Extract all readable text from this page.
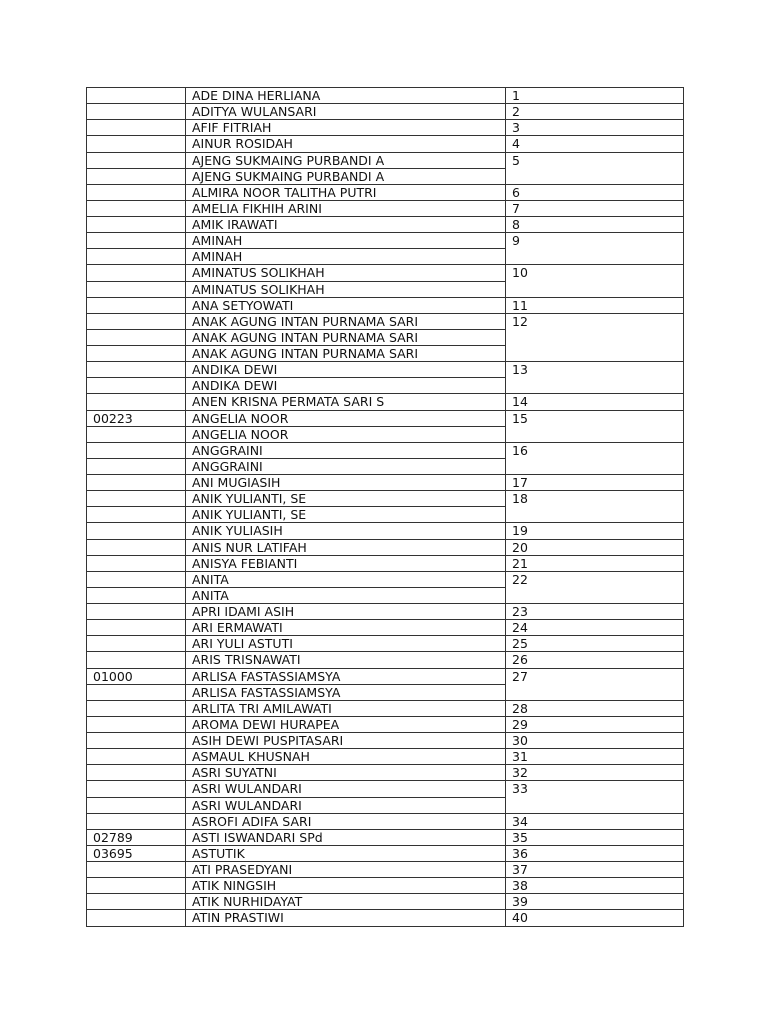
	ADE DINA HERLIANA	1
	ADITYA WULANSARI	2
	AFIF FITRIAH	3
	AINUR ROSIDAH	4
	AJENG SUKMAING PURBANDI A	5
	AJENG SUKMAING PURBANDI A	
	ALMIRA NOOR TALITHA PUTRI	6
	AMELIA FIKHIH ARINI	7
	AMIK IRAWATI	8
	AMINAH	9
	AMINAH	
	AMINATUS SOLIKHAH	10
	AMINATUS SOLIKHAH	
	ANA SETYOWATI	11
	ANAK AGUNG INTAN PURNAMA SARI	12
	ANAK AGUNG INTAN PURNAMA SARI	
	ANAK AGUNG INTAN PURNAMA SARI	
	ANDIKA DEWI	13
	ANDIKA DEWI	
	ANEN KRISNA PERMATA SARI S	14
00223	ANGELIA NOOR	15
	ANGELIA NOOR	
	ANGGRAINI	16
	ANGGRAINI	
	ANI MUGIASIH	17
	ANIK YULIANTI, SE	18
	ANIK YULIANTI, SE	
	ANIK YULIASIH	19
	ANIS NUR LATIFAH	20
	ANISYA FEBIANTI	21
	ANITA	22
	ANITA	
	APRI IDAMI ASIH	23
	ARI ERMAWATI	24
	ARI YULI ASTUTI	25
	ARIS TRISNAWATI	26
01000	ARLISA FASTASSIAMSYA	27
	ARLISA FASTASSIAMSYA	
	ARLITA TRI AMILAWATI	28
	AROMA DEWI HURAPEA	29
	ASIH DEWI PUSPITASARI	30
	ASMAUL KHUSNAH	31
	ASRI SUYATNI	32
	ASRI WULANDARI	33
	ASRI WULANDARI	
	ASROFI ADIFA SARI	34
02789	ASTI ISWANDARI SPd	35
03695	ASTUTIK	36
	ATI PRASEDYANI	37
	ATIK NINGSIH	38
	ATIK NURHIDAYAT	39
	ATIN PRASTIWI	40
